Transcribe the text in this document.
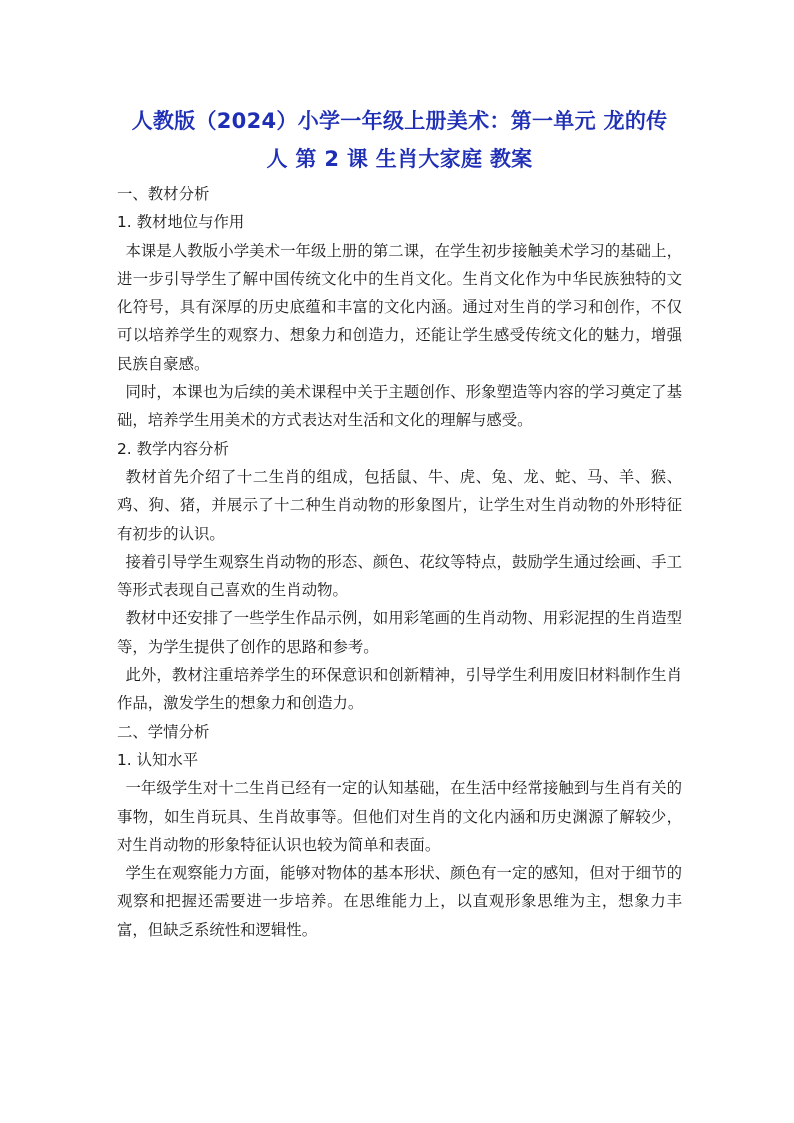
人教版（2024）小学一年级上册美术：第一单元 龙的传
人 第 2 课 生肖大家庭 教案

一、教材分析

1. 教材地位与作用

本课是人教版小学美术一年级上册的第二课，在学生初步接触美术学习的基础上，进一步引导学生了解中国传统文化中的生肖文化。生肖文化作为中华民族独特的文化符号，具有深厚的历史底蕴和丰富的文化内涵。通过对生肖的学习和创作，不仅可以培养学生的观察力、想象力和创造力，还能让学生感受传统文化的魅力，增强民族自豪感。

同时，本课也为后续的美术课程中关于主题创作、形象塑造等内容的学习奠定了基础，培养学生用美术的方式表达对生活和文化的理解与感受。

2. 教学内容分析

教材首先介绍了十二生肖的组成，包括鼠、牛、虎、兔、龙、蛇、马、羊、猴、鸡、狗、猪，并展示了十二种生肖动物的形象图片，让学生对生肖动物的外形特征有初步的认识。

接着引导学生观察生肖动物的形态、颜色、花纹等特点，鼓励学生通过绘画、手工等形式表现自己喜欢的生肖动物。

教材中还安排了一些学生作品示例，如用彩笔画的生肖动物、用彩泥捏的生肖造型等，为学生提供了创作的思路和参考。

此外，教材注重培养学生的环保意识和创新精神，引导学生利用废旧材料制作生肖作品，激发学生的想象力和创造力。

二、学情分析

1. 认知水平

一年级学生对十二生肖已经有一定的认知基础，在生活中经常接触到与生肖有关的事物，如生肖玩具、生肖故事等。但他们对生肖的文化内涵和历史渊源了解较少，对生肖动物的形象特征认识也较为简单和表面。

学生在观察能力方面，能够对物体的基本形状、颜色有一定的感知，但对于细节的观察和把握还需要进一步培养。在思维能力上，以直观形象思维为主，想象力丰富，但缺乏系统性和逻辑性。
